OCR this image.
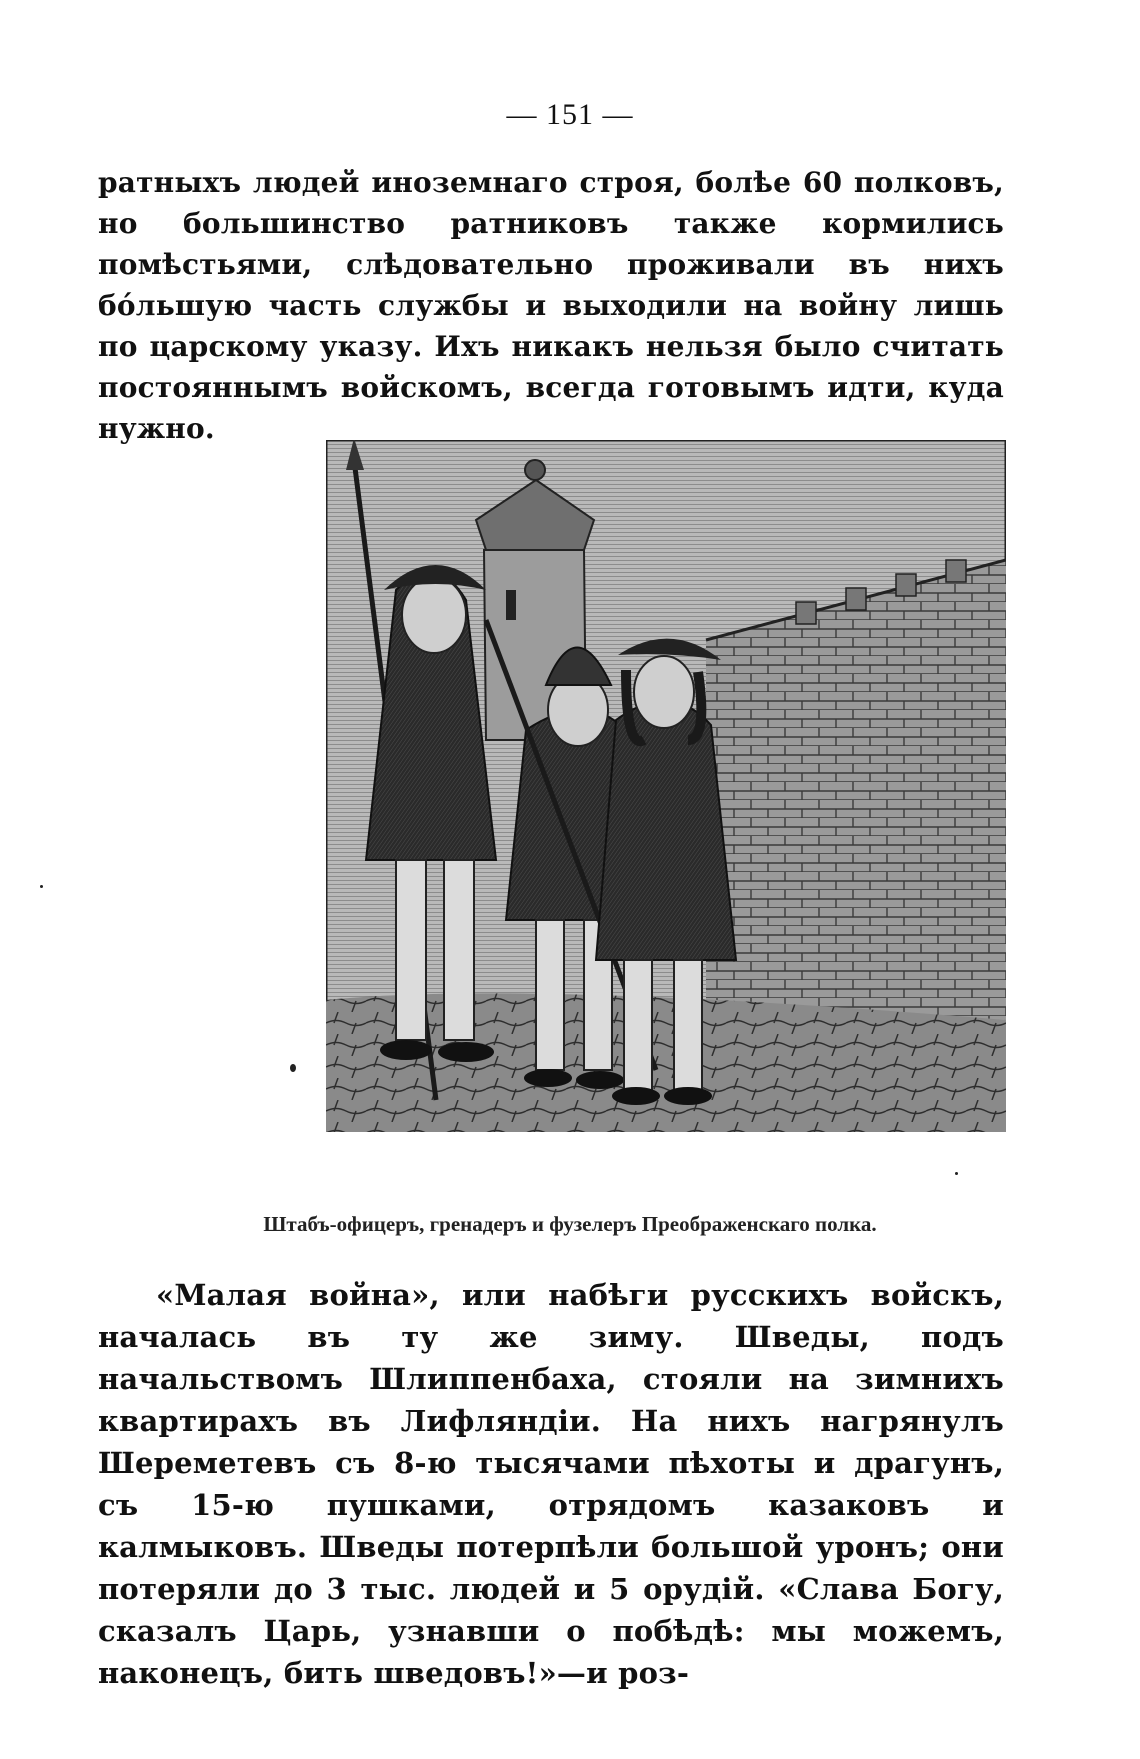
— 151 —

ратныхъ людей иноземнаго строя, болѣе 60 полковъ, но большинство ратниковъ также кормились помѣстьями, слѣдовательно проживали въ нихъ бо́льшую часть службы и выходили на войну лишь по царскому указу. Ихъ никакъ нельзя было считать постояннымъ войскомъ, всегда готовымъ идти, куда нужно.

Штабъ-офицеръ, гренадеръ и фузелеръ Преображенскаго полка.

«Малая война», или набѣги русскихъ войскъ, началась въ ту же зиму. Шведы, подъ начальствомъ Шлиппенбаха, стояли на зимнихъ квартирахъ въ Лифляндіи. На нихъ нагрянулъ Шереметевъ съ 8-ю тысячами пѣхоты и драгунъ, съ 15-ю пушками, отрядомъ казаковъ и калмыковъ. Шведы потерпѣли большой уронъ; они потеряли до 3 тыс. людей и 5 орудій. «Слава Богу, сказалъ Царь, узнавши о побѣдѣ: мы можемъ, наконецъ, бить шведовъ!»—и роз-
